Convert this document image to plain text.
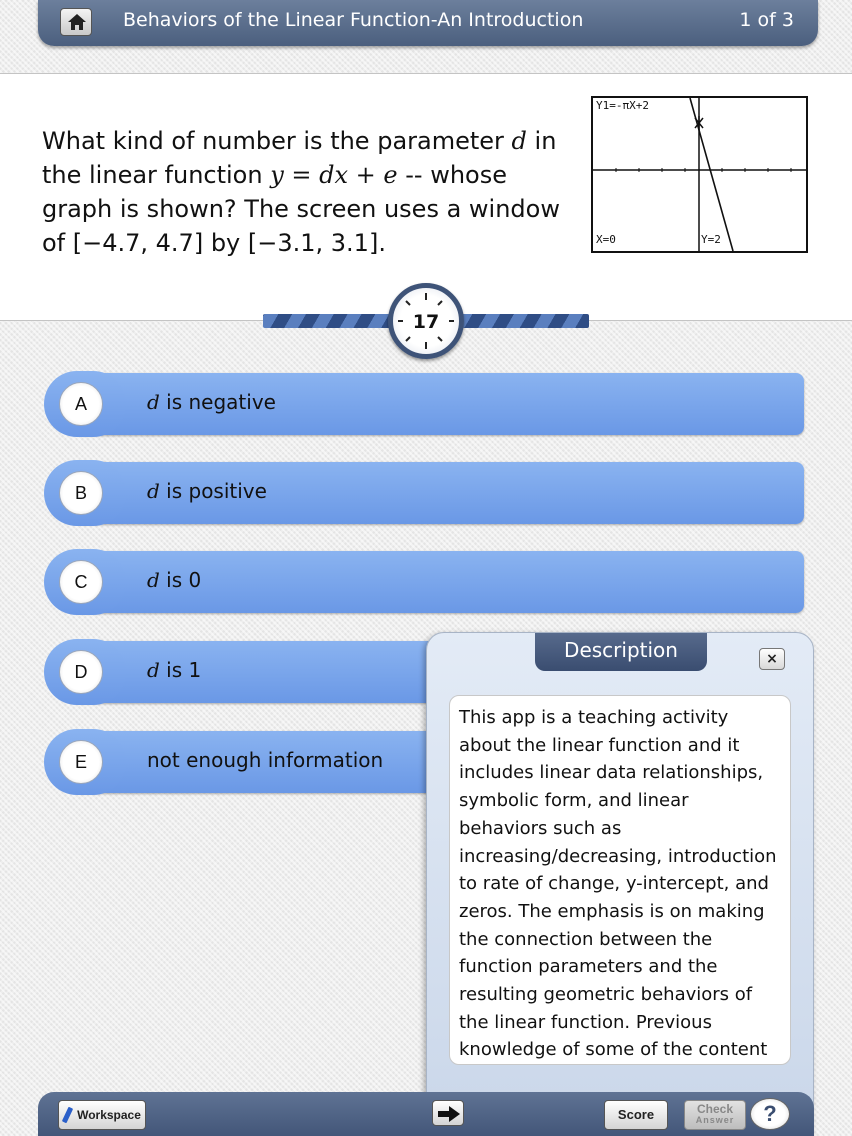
Behaviors of the Linear Function-An Introduction	1 of 3
What kind of number is the parameter d in the linear function y = dx + e -- whose graph is shown? The screen uses a window of [−4.7, 4.7] by [−3.1, 3.1].
Y1=-πX+2
X=0	Y=2
17
A	d is negative
B	d is positive
C	d is 0
D	d is 1
E	not enough information
Description	×
This app is a teaching activity about the linear function and it includes linear data relationships, symbolic form, and linear behaviors such as increasing/decreasing, introduction to rate of change, y-intercept, and zeros. The emphasis is on making the connection between the function parameters and the resulting geometric behaviors of the linear function. Previous knowledge of some of the content
Workspace	Score	Check
Answer	?
